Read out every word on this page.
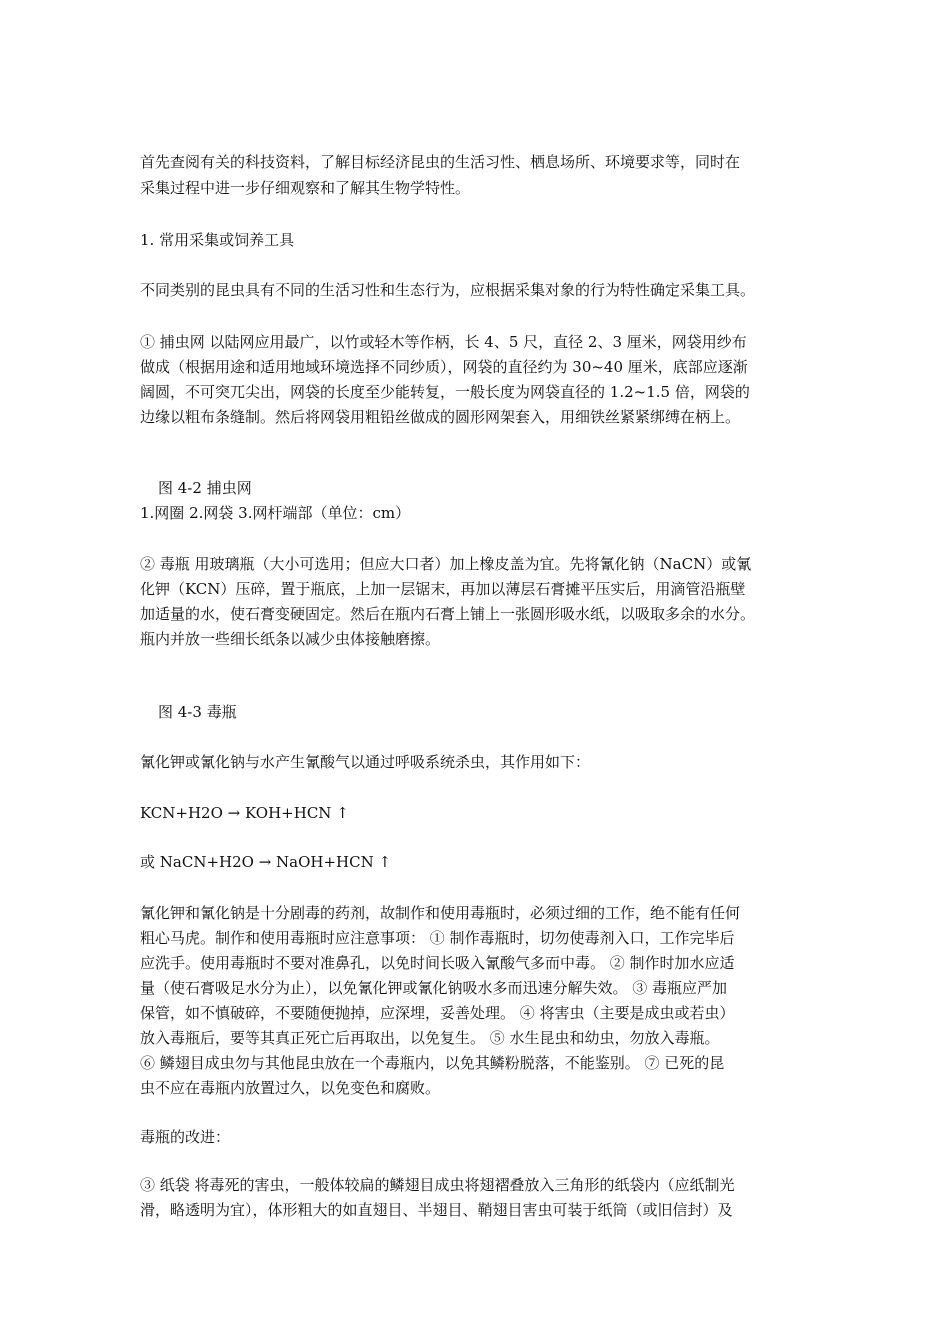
首先查阅有关的科技资料，了解目标经济昆虫的生活习性、栖息场所、环境要求等，同时在
采集过程中进一步仔细观察和了解其生物学特性。
1. 常用采集或饲养工具
不同类别的昆虫具有不同的生活习性和生态行为，应根据采集对象的行为特性确定采集工具。
① 捕虫网 以陆网应用最广，以竹或轻木等作柄，长 4、5 尺，直径 2、3 厘米，网袋用纱布
做成（根据用途和适用地域环境选择不同纱质），网袋的直径约为 30~40 厘米，底部应逐渐
阔圆，不可突兀尖出，网袋的长度至少能转复，一般长度为网袋直径的 1.2~1.5 倍，网袋的
边缘以粗布条缝制。然后将网袋用粗铅丝做成的圆形网架套入，用细铁丝紧紧绑缚在柄上。
图 4-2 捕虫网
1.网圈 2.网袋 3.网杆端部（单位：cm）
② 毒瓶 用玻璃瓶（大小可选用；但应大口者）加上橡皮盖为宜。先将氰化钠（NaCN）或氰
化钾（KCN）压碎，置于瓶底，上加一层锯末，再加以薄层石膏摊平压实后，用滴管沿瓶壁
加适量的水，使石膏变硬固定。然后在瓶内石膏上铺上一张圆形吸水纸，以吸取多余的水分。
瓶内并放一些细长纸条以减少虫体接触磨擦。
图 4-3 毒瓶
氰化钾或氰化钠与水产生氰酸气以通过呼吸系统杀虫，其作用如下：
KCN+H2O → KOH+HCN ↑
或 NaCN+H2O → NaOH+HCN ↑
氰化钾和氰化钠是十分剧毒的药剂，故制作和使用毒瓶时，必须过细的工作，绝不能有任何
粗心马虎。制作和使用毒瓶时应注意事项： ① 制作毒瓶时，切勿使毒剂入口，工作完毕后
应洗手。使用毒瓶时不要对准鼻孔，以免时间长吸入氰酸气多而中毒。 ② 制作时加水应适
量（使石膏吸足水分为止），以免氰化钾或氰化钠吸水多而迅速分解失效。 ③ 毒瓶应严加
保管，如不慎破碎，不要随便抛掉，应深埋，妥善处理。 ④ 将害虫（主要是成虫或若虫）
放入毒瓶后，要等其真正死亡后再取出，以免复生。 ⑤ 水生昆虫和幼虫，勿放入毒瓶。
⑥ 鳞翅目成虫勿与其他昆虫放在一个毒瓶内，以免其鳞粉脱落，不能鉴别。 ⑦ 已死的昆
虫不应在毒瓶内放置过久，以免变色和腐败。
毒瓶的改进：
③ 纸袋 将毒死的害虫，一般体较扁的鳞翅目成虫将翅褶叠放入三角形的纸袋内（应纸制光
滑，略透明为宜），体形粗大的如直翅目、半翅目、鞘翅目害虫可装于纸筒（或旧信封）及
